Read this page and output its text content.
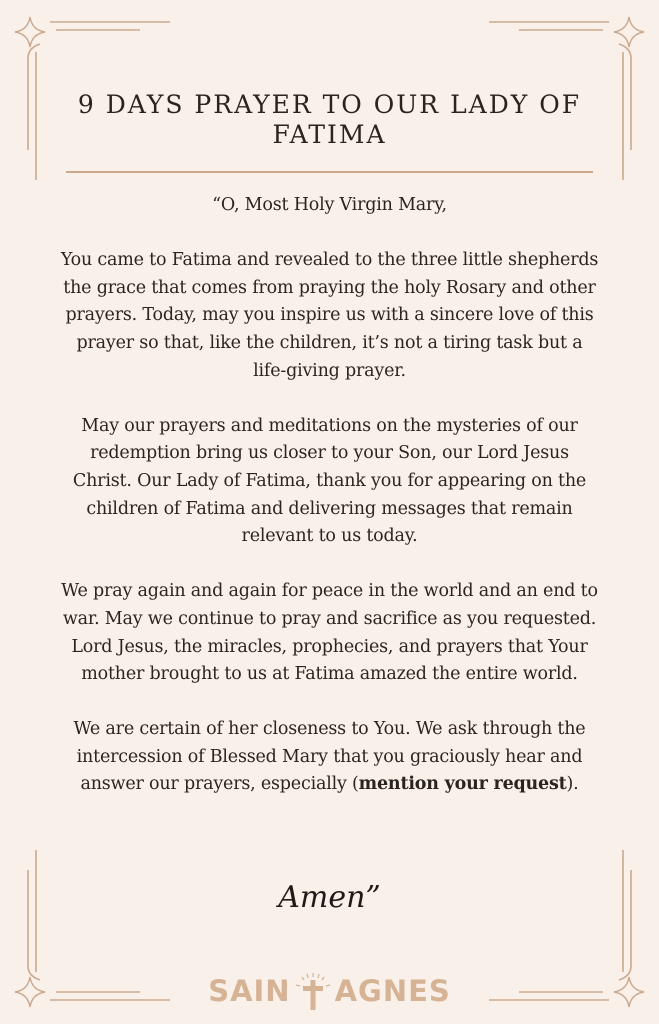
9 DAYS PRAYER TO OUR LADY OF FATIMA

“O, Most Holy Virgin Mary,

You came to Fatima and revealed to the three little shepherds the grace that comes from praying the holy Rosary and other prayers. Today, may you inspire us with a sincere love of this prayer so that, like the children, it’s not a tiring task but a life-giving prayer.

May our prayers and meditations on the mysteries of our redemption bring us closer to your Son, our Lord Jesus Christ. Our Lady of Fatima, thank you for appearing on the children of Fatima and delivering messages that remain relevant to us today.

We pray again and again for peace in the world and an end to war. May we continue to pray and sacrifice as you requested. Lord Jesus, the miracles, prophecies, and prayers that Your mother brought to us at Fatima amazed the entire world.

We are certain of her closeness to You. We ask through the intercession of Blessed Mary that you graciously hear and answer our prayers, especially (mention your request).

Amen”
SAIN AGNES
